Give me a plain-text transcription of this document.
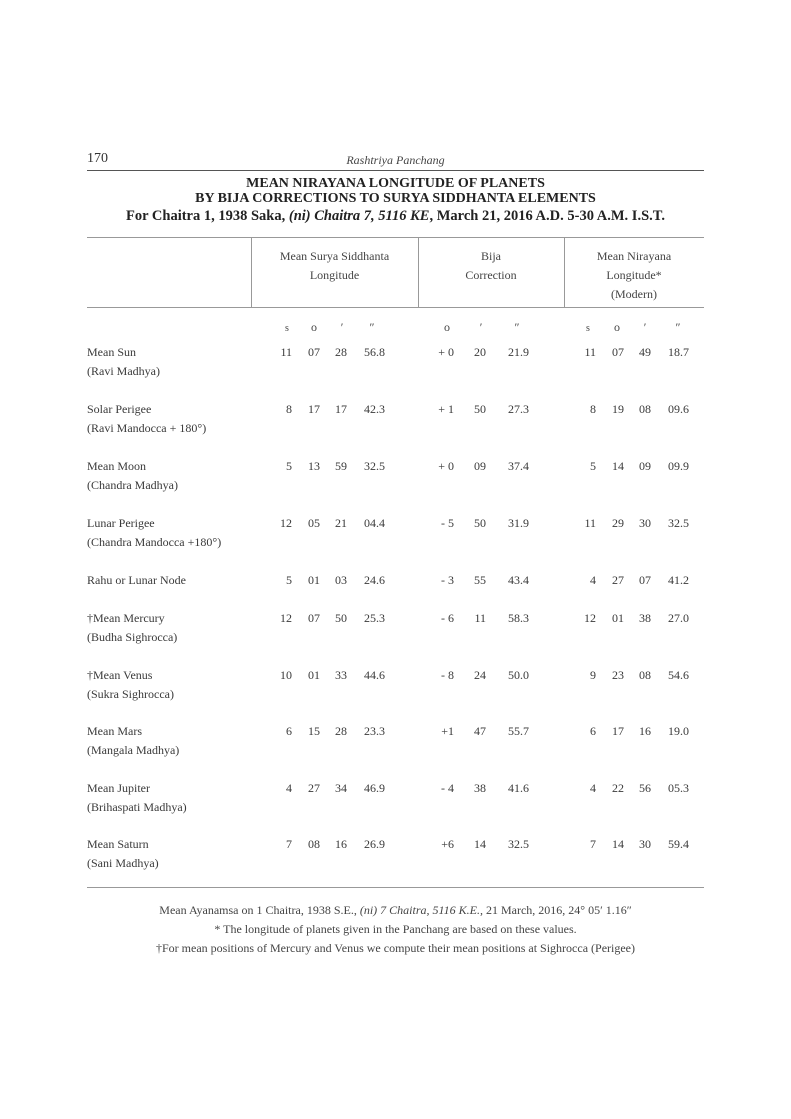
170	Rashtriya Panchang
MEAN NIRAYANA LONGITUDE OF PLANETS
BY BIJA CORRECTIONS TO SURYA SIDDHANTA ELEMENTS
For Chaitra 1, 1938 Saka, (ni) Chaitra 7, 5116 KE, March 21, 2016 A.D. 5-30 A.M. I.S.T.
Mean Surya Siddhanta
Longitude
Bija
Correction
Mean Nirayana
Longitude*
(Modern)
s	o	′	″	o	′	″	s	o	′	″
Mean Sun
(Ravi Madhya)
11 07 28 56.8	+ 0 20 21.9	11 07 49 18.7
Solar Perigee
(Ravi Mandocca + 180°)
8 17 17 42.3	+ 1 50 27.3	8 19 08 09.6
Mean Moon
(Chandra Madhya)
5 13 59 32.5	+ 0 09 37.4	5 14 09 09.9
Lunar Perigee
(Chandra Mandocca +180°)
12 05 21 04.4	- 5 50 31.9	11 29 30 32.5
Rahu or Lunar Node	5 01 03 24.6	- 3 55 43.4	4 27 07 41.2
†Mean Mercury
(Budha Sighrocca)
12 07 50 25.3	- 6 11 58.3	12 01 38 27.0
†Mean Venus
(Sukra Sighrocca)
10 01 33 44.6	- 8 24 50.0	9 23 08 54.6
Mean Mars
(Mangala Madhya)
6 15 28 23.3	+1 47 55.7	6 17 16 19.0
Mean Jupiter
(Brihaspati Madhya)
4 27 34 46.9	- 4 38 41.6	4 22 56 05.3
Mean Saturn
(Sani Madhya)
7 08 16 26.9	+6 14 32.5	7 14 30 59.4
Mean Ayanamsa on 1 Chaitra, 1938 S.E., (ni) 7 Chaitra, 5116 K.E., 21 March, 2016, 24° 05′ 1.16″
* The longitude of planets given in the Panchang are based on these values.
†For mean positions of Mercury and Venus we compute their mean positions at Sighrocca (Perigee)
